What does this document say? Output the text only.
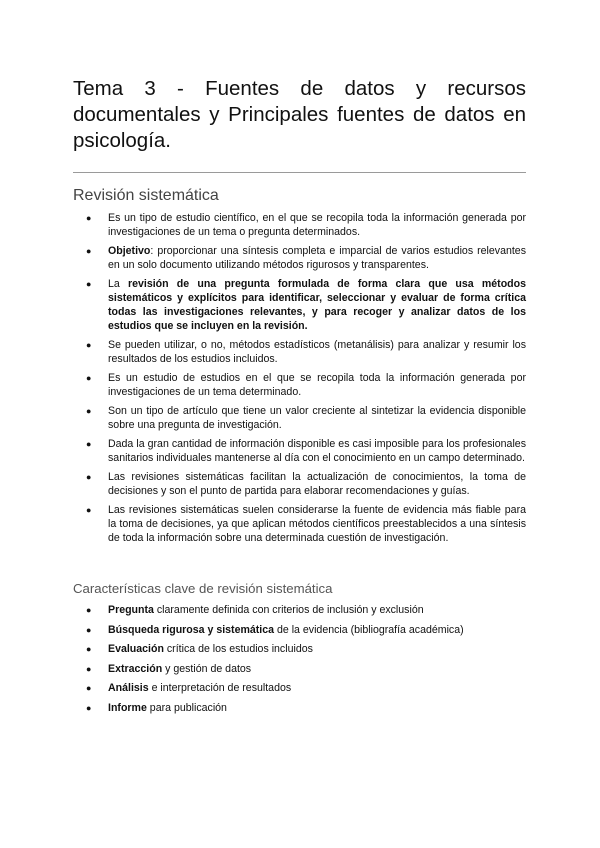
Tema 3 - Fuentes de datos y recursos documentales y Principales fuentes de datos en psicología.
Revisión sistemática
● Es un tipo de estudio científico, en el que se recopila toda la información generada por investigaciones de un tema o pregunta determinados.
● Objetivo: proporcionar una síntesis completa e imparcial de varios estudios relevantes en un solo documento utilizando métodos rigurosos y transparentes.
● La revisión de una pregunta formulada de forma clara que usa métodos sistemáticos y explícitos para identificar, seleccionar y evaluar de forma crítica todas las investigaciones relevantes, y para recoger y analizar datos de los estudios que se incluyen en la revisión.
● Se pueden utilizar, o no, métodos estadísticos (metanálisis) para analizar y resumir los resultados de los estudios incluidos.
● Es un estudio de estudios en el que se recopila toda la información generada por investigaciones de un tema determinado.
● Son un tipo de artículo que tiene un valor creciente al sintetizar la evidencia disponible sobre una pregunta de investigación.
● Dada la gran cantidad de información disponible es casi imposible para los profesionales sanitarios individuales mantenerse al día con el conocimiento en un campo determinado.
● Las revisiones sistemáticas facilitan la actualización de conocimientos, la toma de decisiones y son el punto de partida para elaborar recomendaciones y guías.
● Las revisiones sistemáticas suelen considerarse la fuente de evidencia más fiable para la toma de decisiones, ya que aplican métodos científicos preestablecidos a una síntesis de toda la información sobre una determinada cuestión de investigación.
Características clave de revisión sistemática
● Pregunta claramente definida con criterios de inclusión y exclusión
● Búsqueda rigurosa y sistemática de la evidencia (bibliografía académica)
● Evaluación crítica de los estudios incluidos
● Extracción y gestión de datos
● Análisis e interpretación de resultados
● Informe para publicación
